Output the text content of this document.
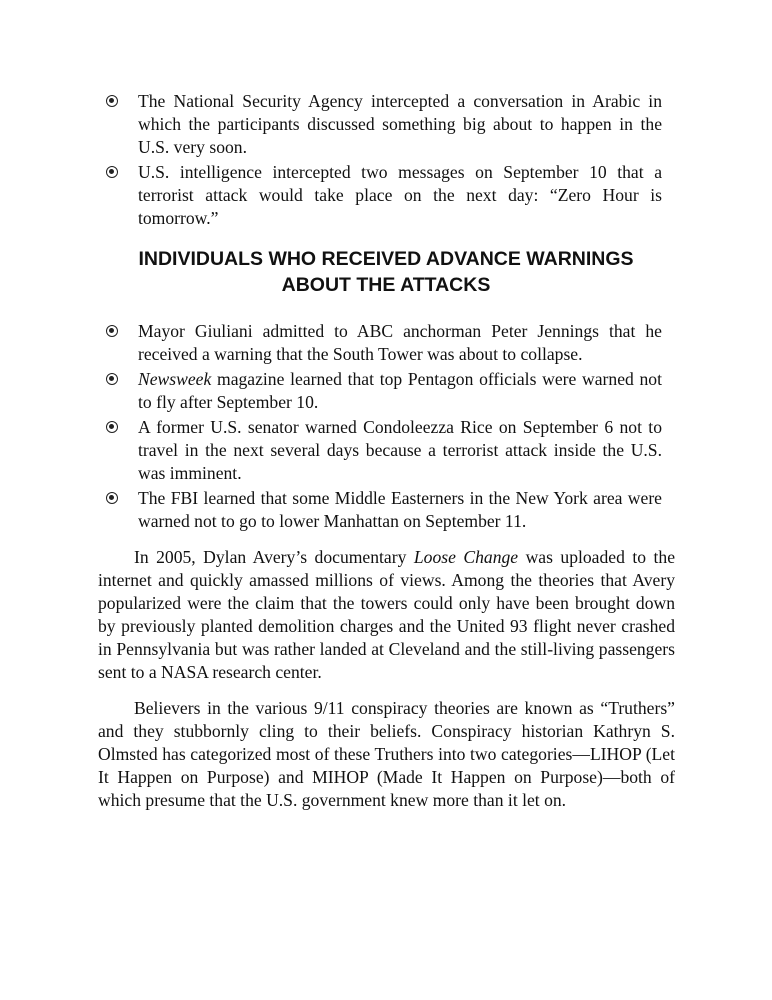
The National Security Agency intercepted a conversation in Arabic in which the participants discussed something big about to happen in the U.S. very soon.
U.S. intelligence intercepted two messages on September 10 that a terrorist attack would take place on the next day: “Zero Hour is tomorrow.”
INDIVIDUALS WHO RECEIVED ADVANCE WARNINGS
ABOUT THE ATTACKS
Mayor Giuliani admitted to ABC anchorman Peter Jennings that he received a warning that the South Tower was about to collapse.
Newsweek magazine learned that top Pentagon officials were warned not to fly after September 10.
A former U.S. senator warned Condoleezza Rice on September 6 not to travel in the next several days because a terrorist attack inside the U.S. was imminent.
The FBI learned that some Middle Easterners in the New York area were warned not to go to lower Manhattan on September 11.

In 2005, Dylan Avery’s documentary Loose Change was uploaded to the internet and quickly amassed millions of views. Among the theories that Avery popularized were the claim that the towers could only have been brought down by previously planted demolition charges and the United 93 flight never crashed in Pennsylvania but was rather landed at Cleveland and the still-living passengers sent to a NASA research center.

Believers in the various 9/11 conspiracy theories are known as “Truthers” and they stubbornly cling to their beliefs. Conspiracy historian Kathryn S. Olmsted has categorized most of these Truthers into two categories—LIHOP (Let It Happen on Purpose) and MIHOP (Made It Happen on Purpose)—both of which presume that the U.S. government knew more than it let on.
